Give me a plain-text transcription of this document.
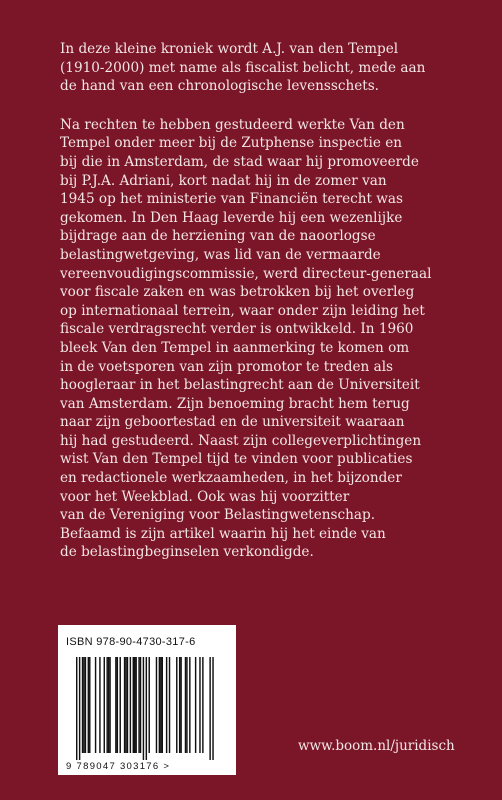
In deze kleine kroniek wordt A.J. van den Tempel
(1910-2000) met name als fiscalist belicht, mede aan
de hand van een chronologische levensschets.

Na rechten te hebben gestudeerd werkte Van den
Tempel onder meer bij de Zutphense inspectie en
bij die in Amsterdam, de stad waar hij promoveerde
bij P.J.A. Adriani, kort nadat hij in de zomer van
1945 op het ministerie van Financiën terecht was
gekomen. In Den Haag leverde hij een wezenlijke
bijdrage aan de herziening van de naoorlogse
belastingwetgeving, was lid van de vermaarde
vereenvoudigingscommissie, werd directeur-generaal
voor fiscale zaken en was betrokken bij het overleg
op internationaal terrein, waar onder zijn leiding het
fiscale verdragsrecht verder is ontwikkeld. In 1960
bleek Van den Tempel in aanmerking te komen om
in de voetsporen van zijn promotor te treden als
hoogleraar in het belastingrecht aan de Universiteit
van Amsterdam. Zijn benoeming bracht hem terug
naar zijn geboortestad en de universiteit waaraan
hij had gestudeerd. Naast zijn collegeverplichtingen
wist Van den Tempel tijd te vinden voor publicaties
en redactionele werkzaamheden, in het bijzonder
voor het Weekblad. Ook was hij voorzitter
van de Vereniging voor Belastingwetenschap.
Befaamd is zijn artikel waarin hij het einde van
de belastingbeginselen verkondigde.

ISBN 978-90-4730-317-6
9 789047 303176 >
www.boom.nl/juridisch
